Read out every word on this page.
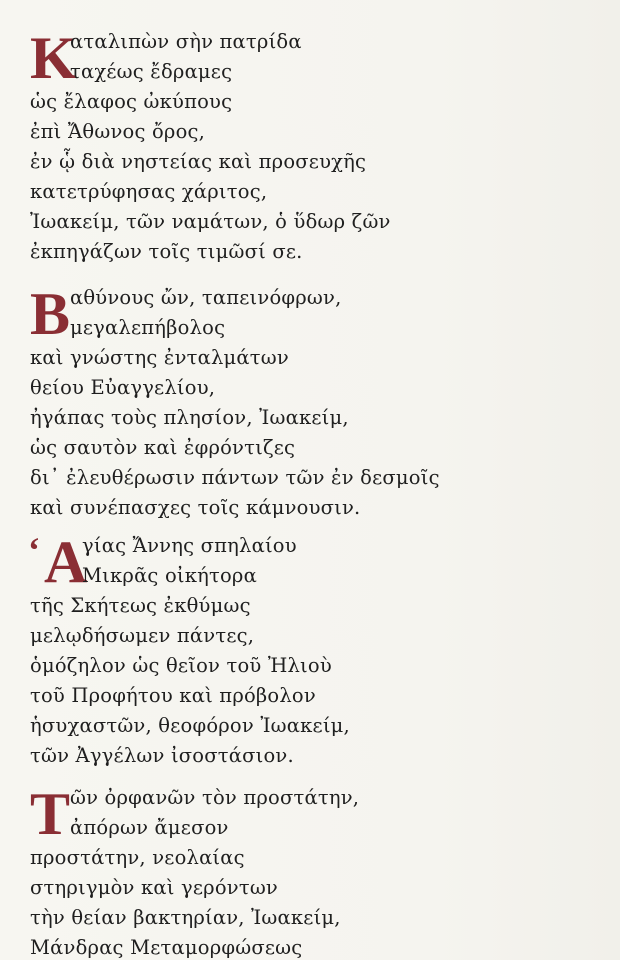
K
αταλιπὼν σὴν πατρίδα
ταχέως ἔδραμες
ὡς ἔλαφος ὠκύπους
ἐπὶ Ἄθωνος ὄρος,
ἐν ᾧ διὰ νηστείας καὶ προσευχῆς
κατετρύφησας χάριτος,
Ἰωακείμ, τῶν ναμάτων, ὁ ὕδωρ ζῶν
ἐκπηγάζων τοῖς τιμῶσί σε.
B αθύνους ὤν, ταπεινόφρων,
μεγαλεπήβολος
καὶ γνώστης ἐνταλμάτων
θείου Εὐαγγελίου,
ἠγάπας τοὺς πλησίον, Ἰωακείμ,
ὡς σαυτὸν καὶ ἐφρόντιζες
δι᾽ ἐλευθέρωσιν πάντων τῶν ἐν δεσμοῖς
καὶ συνέπασχες τοῖς κάμνουσιν.
‘ A
γίας Ἄννης σπηλαίου
Μικρᾶς οἰκήτορα
τῆς Σκήτεως ἐκθύμως
μελῳδήσωμεν πάντες,
ὁμόζηλον ὡς θεῖον τοῦ Ἠλιοὺ
τοῦ Προφήτου καὶ πρόβολον
ἡσυχαστῶν, θεοφόρον Ἰωακείμ,
τῶν Ἀγγέλων ἰσοστάσιον.
T ῶν ὀρφανῶν τὸν προστάτην,
ἀπόρων ἄμεσον
προστάτην, νεολαίας
στηριγμὸν καὶ γερόντων
τὴν θείαν βακτηρίαν, Ἰωακείμ,
Μάνδρας Μεταμορφώσεως
